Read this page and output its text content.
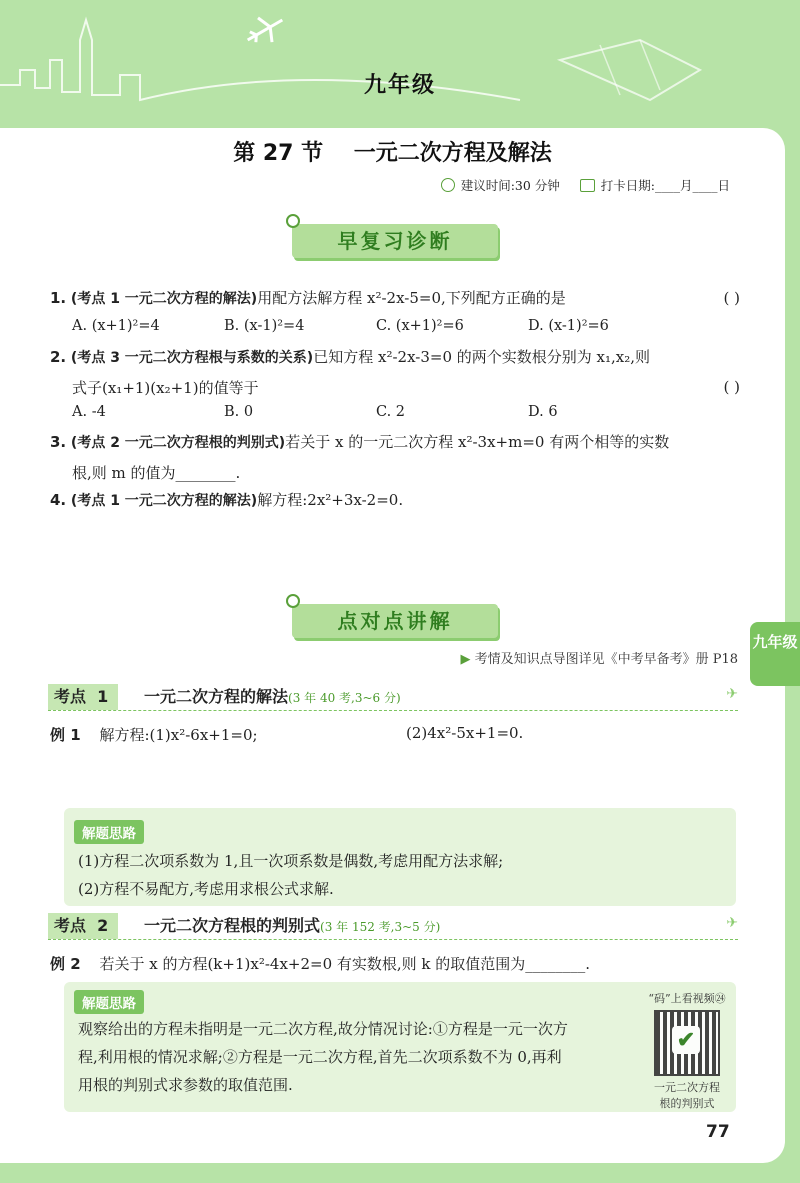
九年级
第 27 节    一元二次方程及解法
建议时间:30 分钟	打卡日期:____月____日
早复习诊断
1. (考点 1 一元二次方程的解法)用配方法解方程 x²-2x-5=0,下列配方正确的是	( )
A. (x+1)²=4	B. (x-1)²=4	C. (x+1)²=6	D. (x-1)²=6
2. (考点 3 一元二次方程根与系数的关系)已知方程 x²-2x-3=0 的两个实数根分别为 x₁,x₂,则
式子(x₁+1)(x₂+1)的值等于	( )
A. -4	B. 0	C. 2	D. 6
3. (考点 2 一元二次方程根的判别式)若关于 x 的一元二次方程 x²-3x+m=0 有两个相等的实数
根,则 m 的值为________.
4. (考点 1 一元二次方程的解法)解方程:2x²+3x-2=0.
点对点讲解
九年级
▶ 考情及知识点导图详见《中考早备考》册 P18
考点  1	一元二次方程的解法(3 年 40 考,3~6 分)	✈
例 1 解方程:(1)x²-6x+1=0;	(2)4x²-5x+1=0.
解题思路
(1)方程二次项系数为 1,且一次项系数是偶数,考虑用配方法求解;
(2)方程不易配方,考虑用求根公式求解.
考点  2	一元二次方程根的判别式(3 年 152 考,3~5 分)	✈
例 2 若关于 x 的方程(k+1)x²-4x+2=0 有实数根,则 k 的取值范围为________.
解题思路
观察给出的方程未指明是一元二次方程,故分情况讨论:①方程是一元一次方
程,利用根的情况求解;②方程是一元二次方程,首先二次项系数不为 0,再利
用根的判别式求参数的取值范围.
“码”上看视频㉔
✔
一元二次方程
根的判别式
77
